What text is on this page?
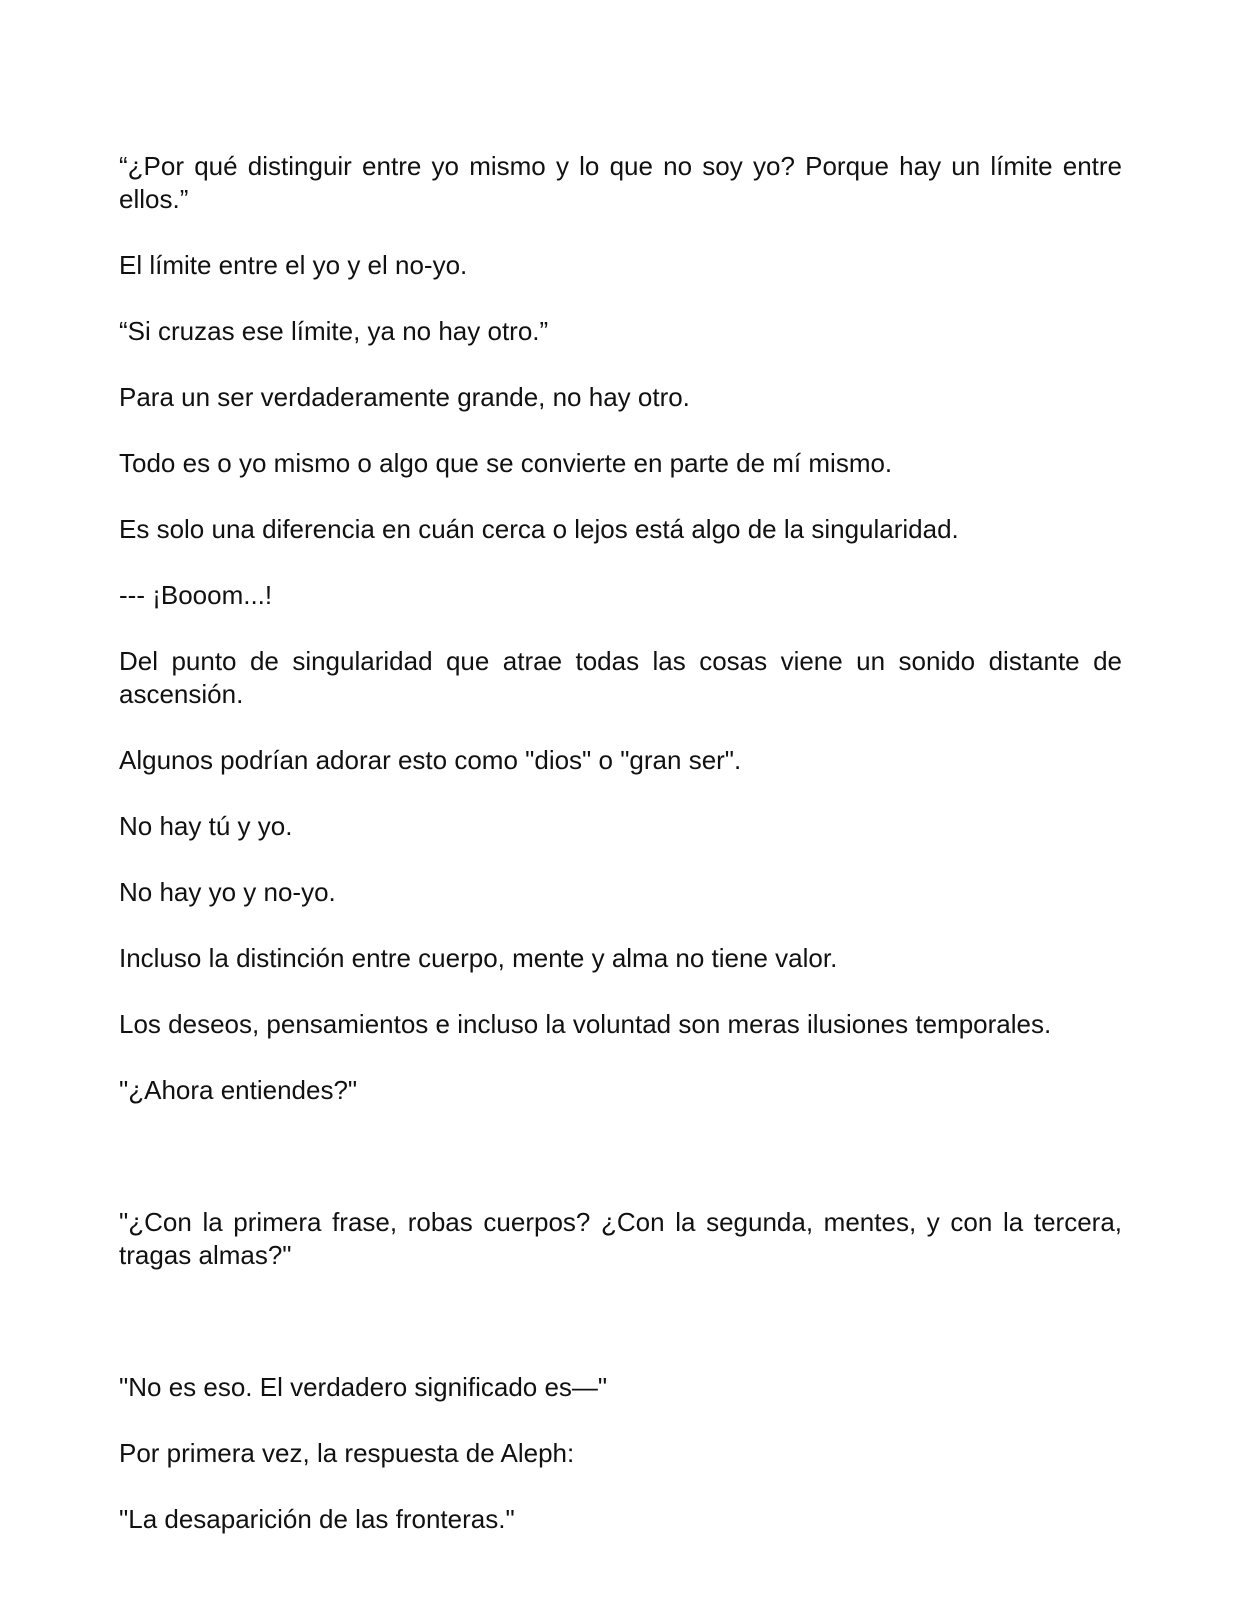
“¿Por qué distinguir entre yo mismo y lo que no soy yo? Porque hay un límite entre ellos.”

El límite entre el yo y el no-yo.

“Si cruzas ese límite, ya no hay otro.”

Para un ser verdaderamente grande, no hay otro.

Todo es o yo mismo o algo que se convierte en parte de mí mismo.

Es solo una diferencia en cuán cerca o lejos está algo de la singularidad.

--- ¡Booom...!

Del punto de singularidad que atrae todas las cosas viene un sonido distante de ascensión.

Algunos podrían adorar esto como "dios" o "gran ser".

No hay tú y yo.

No hay yo y no-yo.

Incluso la distinción entre cuerpo, mente y alma no tiene valor.

Los deseos, pensamientos e incluso la voluntad son meras ilusiones temporales.

"¿Ahora entiendes?"

"¿Con la primera frase, robas cuerpos? ¿Con la segunda, mentes, y con la tercera, tragas almas?"

"No es eso. El verdadero significado es—"

Por primera vez, la respuesta de Aleph:

"La desaparición de las fronteras."
